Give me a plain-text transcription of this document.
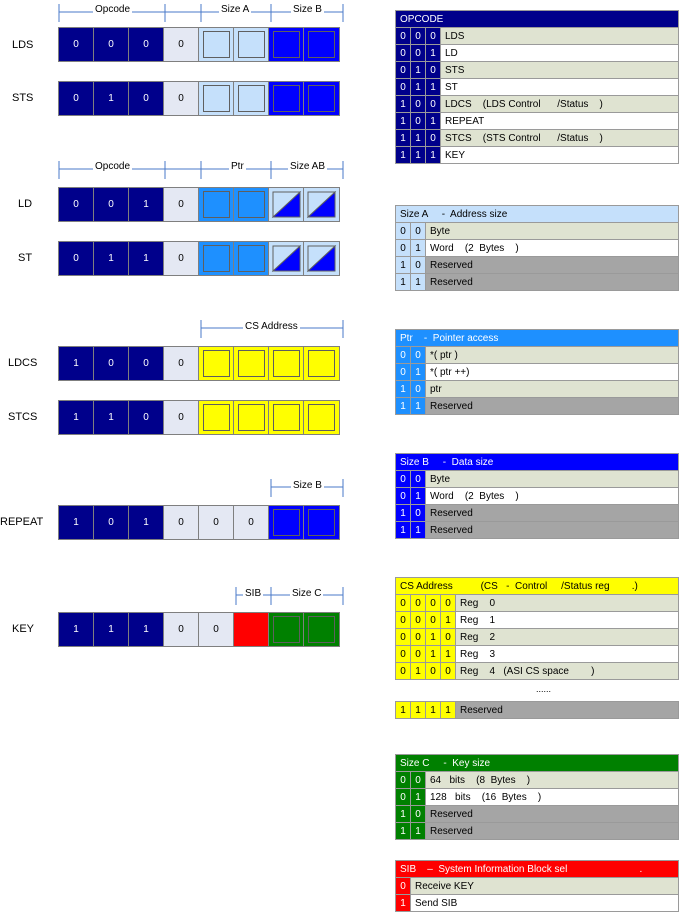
Opcode	Size A	Size B
LDS	0	0	0	0
STS	0	1	0	0
Opcode	Ptr	Size AB
LD	0	0	1	0
ST	0	1	1	0
CS Address
LDCS	1	0	0	0
STCS	1	1	0	0
Size B
REPEAT	1	0	1	0	0	0
SIB	Size C
KEY	1	1	1	0	0
OPCODE			
0	0	0	LDS
0	0	1	LD
0	1	0	STS
0	1	1	ST
1	0	0	LDCS    (LDS Control      /Status    )
1	0	1	REPEAT
1	1	0	STCS    (STS Control      /Status    )
1	1	1	KEY
Size A     -  Address size		
0	0	Byte
0	1	Word    (2  Bytes    )
1	0	Reserved
1	1	Reserved
Ptr    -  Pointer access		
0	0	*( ptr )
0	1	*( ptr ++)
1	0	ptr
1	1	Reserved
Size B     -  Data size		
0	0	Byte
0	1	Word    (2  Bytes    )
1	0	Reserved
1	1	Reserved
CS Address          (CS   -  Control     /Status reg        .)				
0	0	0	0	Reg    0
0	0	0	1	Reg    1
0	0	1	0	Reg    2
0	0	1	1	Reg    3
0	1	0	0	Reg    4   (ASI CS space        )
......
1	1	1	1	Reserved
Size C     -  Key size		
0	0	64   bits    (8  Bytes    )
0	1	128   bits    (16  Bytes    )
1	0	Reserved
1	1	Reserved
SIB    –  System Information Block sel                          .	
0	Receive KEY
1	Send SIB
